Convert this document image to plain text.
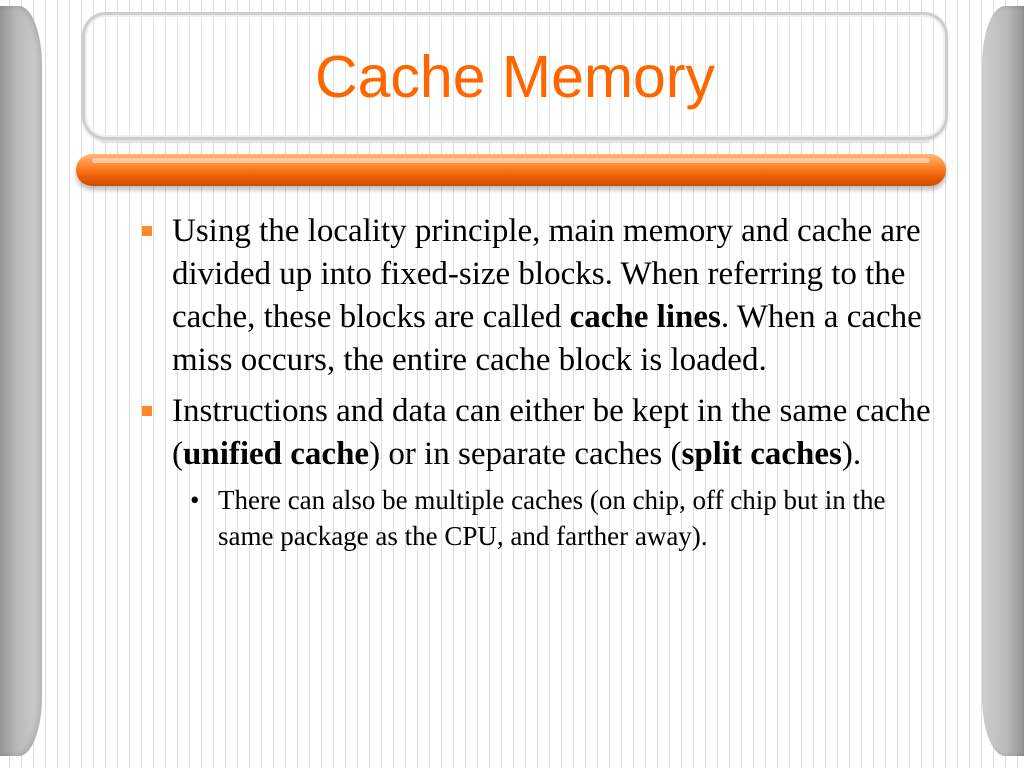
Cache Memory
Using the locality principle, main memory and cache are divided up into fixed-size blocks. When referring to the cache, these blocks are called cache lines. When a cache miss occurs, the entire cache block is loaded.
Instructions and data can either be kept in the same cache (unified cache) or in separate caches (split caches).
• There can also be multiple caches (on chip, off chip but in the same package as the CPU, and farther away).
